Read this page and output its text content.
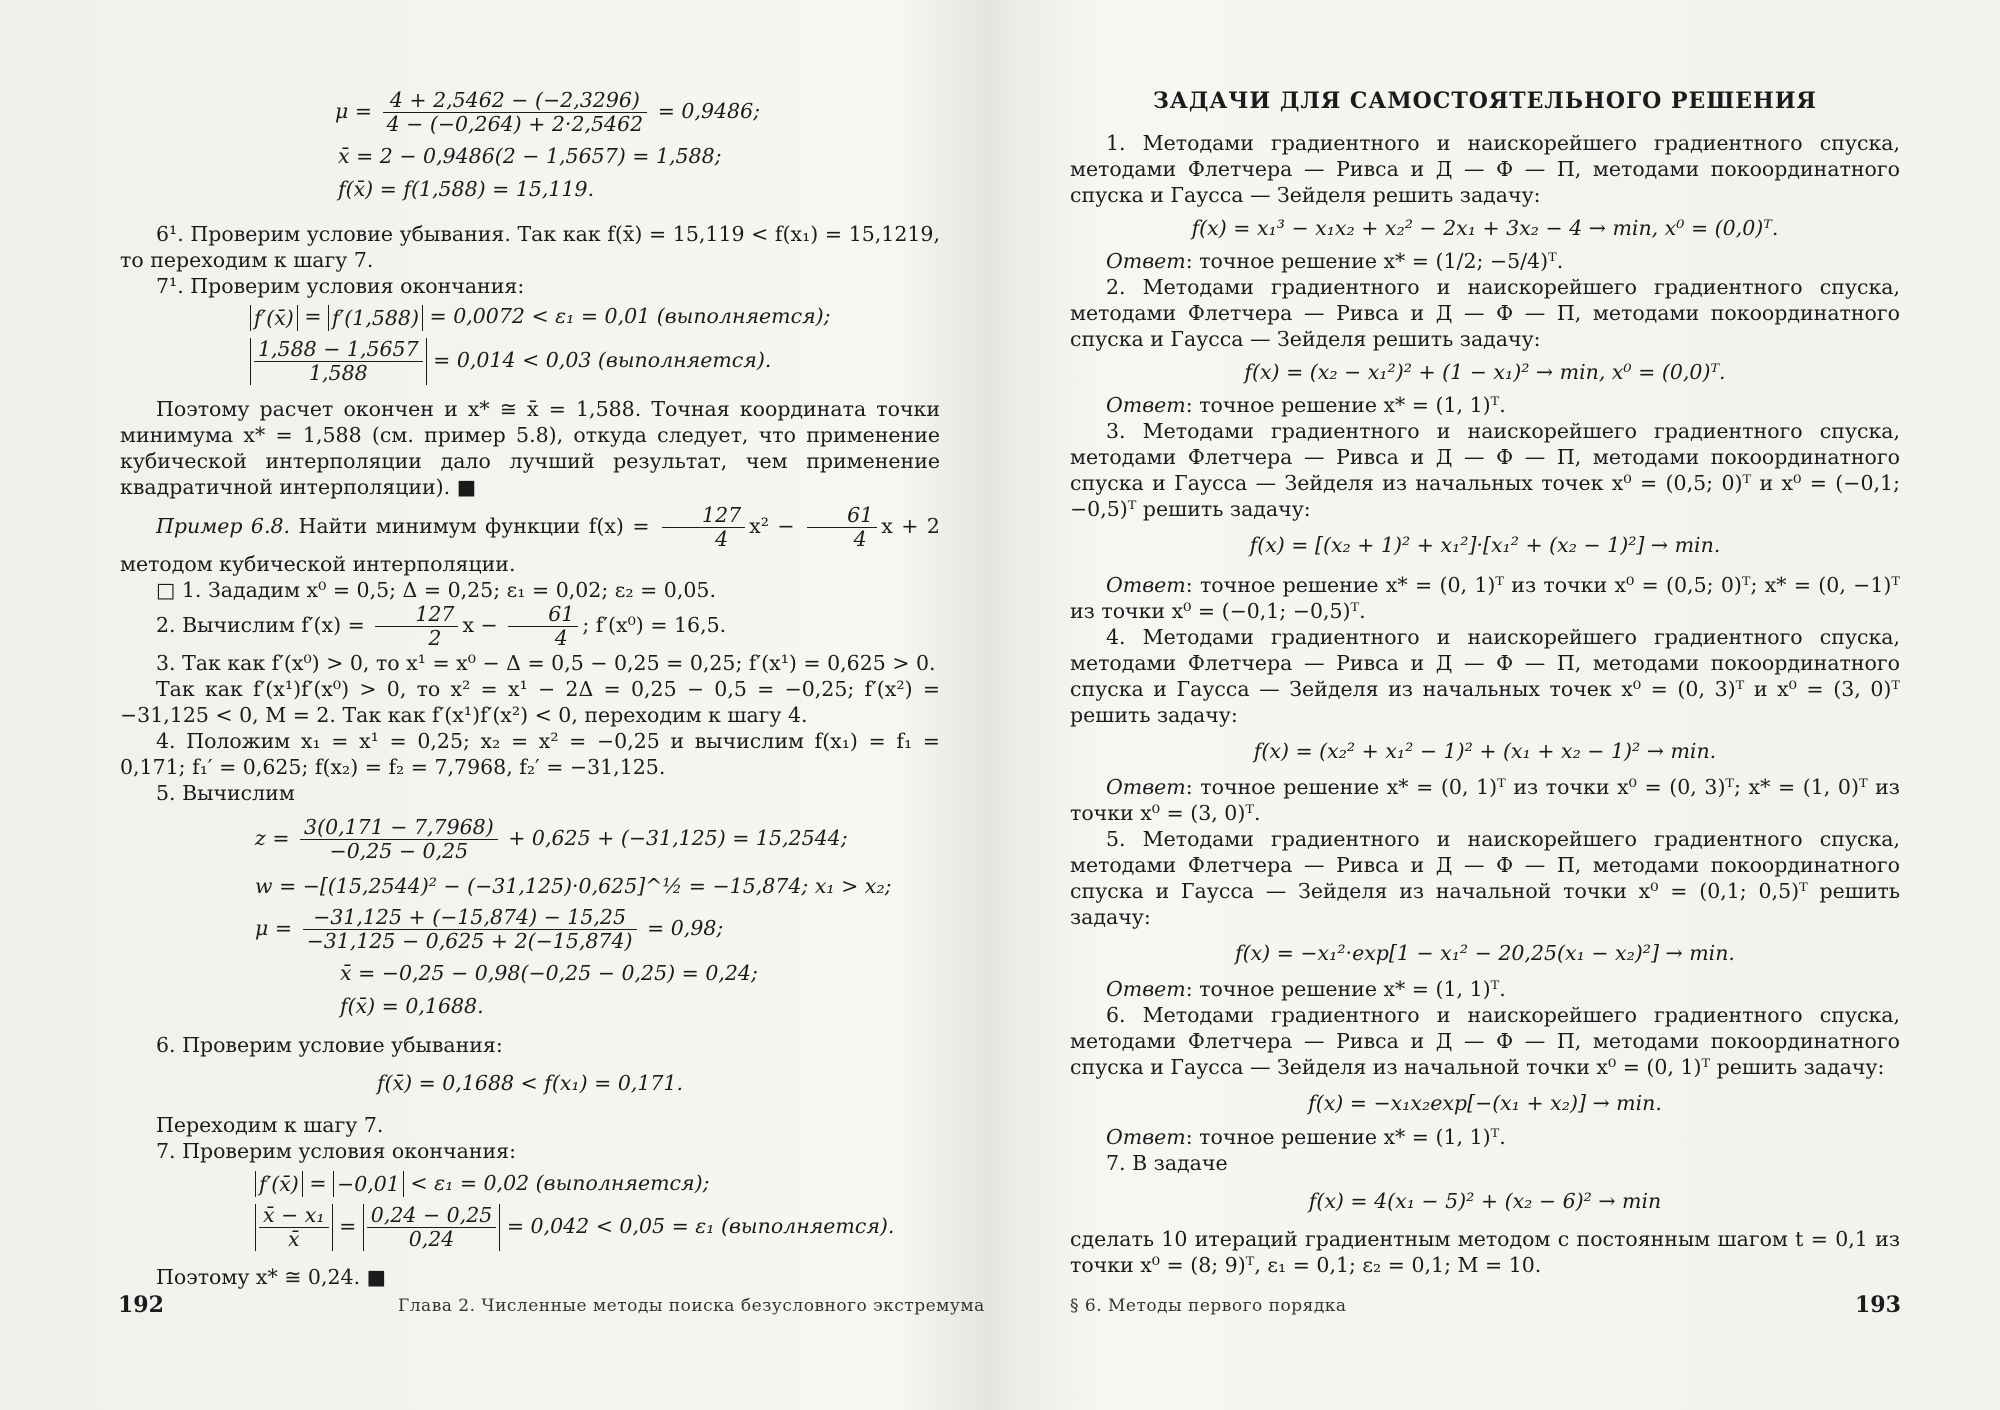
$\mu = \frac{4 + 2,5462 - (-2,3296)}{4 - (-0,264) + 2\cdot 2,5462} = 0,9486$;
x̄ = 2 − 0,9486(2 − 1,5657) = 1,588;
f(x̄) = f(1,588) = 15,119.

6¹. Проверим условие убывания. Так как f(x̄) = 15,119 < f(x₁) = 15,1219, то переходим к шагу 7.

7¹. Проверим условия окончания:

f′(x̄) = f′(1,588) = 0,0072 < ε₁ = 0,01 (выполняется);
$\frac{1,588 - 1,5657}{1,588} = 0,014 < 0,03$ (выполняется).

Поэтому расчет окончен и x* ≅ x̄ = 1,588. Точная координата точки минимума x* = 1,588 (см. пример 5.8), откуда следует, что применение кубической интерполяции дало лучший результат, чем применение квадратичной интерполяции). ■

Пример 6.8. Найти минимум функции $f(x) = \frac{127}{4} x^2 - \frac{61}{4}$ x + 2 методом кубической интерполяции.

□ 1. Зададим x⁰ = 0,5; Δ = 0,25; ε₁ = 0,02; ε₂ = 0,05.

2. Вычислим $f'(x) = \frac{127}{2}$ $x - \frac{61}{4}$ ; f′(x⁰) = 16,5.

3. Так как f′(x⁰) > 0, то x¹ = x⁰ − Δ = 0,5 − 0,25 = 0,25; f′(x¹) = 0,625 > 0.

Так как f′(x¹)f′(x⁰) > 0, то x² = x¹ − 2Δ = 0,25 − 0,5 = −0,25; f′(x²) = −31,125 < 0, M = 2. Так как f′(x¹)f′(x²) < 0, переходим к шагу 4.

4. Положим x₁ = x¹ = 0,25; x₂ = x² = −0,25 и вычислим f(x₁) = f₁ = 0,171; f₁′ = 0,625; f(x₂) = f₂ = 7,7968, f₂′ = −31,125.

5. Вычислим

$z = \frac{3(0,171 - 7,7968)}{-0,25 - 0,25} + 0,625 + (-31,125) = 15,2544$;
w = −[(15,2544)² − (−31,125)·0,625]^½ = −15,874; x₁ > x₂;
$\mu = \frac{-31,125 + (-15,874) - 15,25}{-31,125 - 0,625 + 2(-15,874)} = 0,98$;
x̄ = −0,25 − 0,98(−0,25 − 0,25) = 0,24;
f(x̄) = 0,1688.

6. Проверим условие убывания:

f(x̄) = 0,1688 < f(x₁) = 0,171.

Переходим к шагу 7.

7. Проверим условия окончания:

f′(x̄) = −0,01 < ε₁ = 0,02 (выполняется);
$\frac{\text{x̄ − x₁}}{x̄} = \frac{0,24 - 0,25}{0,24} = 0,042 < 0,05 = \varepsilon_1$ (выполняется).

Поэтому x* ≅ 0,24. ■

192	Глава 2. Численные методы поиска безусловного экстремума
ЗАДАЧИ ДЛЯ САМОСТОЯТЕЛЬНОГО РЕШЕНИЯ

1. Методами градиентного и наискорейшего градиентного спуска, методами Флетчера — Ривса и Д — Ф — П, методами покоординатного спуска и Гаусса — Зейделя решить задачу:

f(x) = x₁³ − x₁x₂ + x₂² − 2x₁ + 3x₂ − 4 → min, x⁰ = (0,0)ᵀ.

Ответ: точное решение x* = (1/2; −5/4)ᵀ.

2. Методами градиентного и наискорейшего градиентного спуска, методами Флетчера — Ривса и Д — Ф — П, методами покоординатного спуска и Гаусса — Зейделя решить задачу:

f(x) = (x₂ − x₁²)² + (1 − x₁)² → min, x⁰ = (0,0)ᵀ.

Ответ: точное решение x* = (1, 1)ᵀ.

3. Методами градиентного и наискорейшего градиентного спуска, методами Флетчера — Ривса и Д — Ф — П, методами покоординатного спуска и Гаусса — Зейделя из начальных точек x⁰ = (0,5; 0)ᵀ и x⁰ = (−0,1; −0,5)ᵀ решить задачу:

f(x) = [(x₂ + 1)² + x₁²]·[x₁² + (x₂ − 1)²] → min.

Ответ: точное решение x* = (0, 1)ᵀ из точки x⁰ = (0,5; 0)ᵀ; x* = (0, −1)ᵀ из точки x⁰ = (−0,1; −0,5)ᵀ.

4. Методами градиентного и наискорейшего градиентного спуска, методами Флетчера — Ривса и Д — Ф — П, методами покоординатного спуска и Гаусса — Зейделя из начальных точек x⁰ = (0, 3)ᵀ и x⁰ = (3, 0)ᵀ решить задачу:

f(x) = (x₂² + x₁² − 1)² + (x₁ + x₂ − 1)² → min.

Ответ: точное решение x* = (0, 1)ᵀ из точки x⁰ = (0, 3)ᵀ; x* = (1, 0)ᵀ из точки x⁰ = (3, 0)ᵀ.

5. Методами градиентного и наискорейшего градиентного спуска, методами Флетчера — Ривса и Д — Ф — П, методами покоординатного спуска и Гаусса — Зейделя из начальной точки x⁰ = (0,1; 0,5)ᵀ решить задачу:

f(x) = −x₁²·exp[1 − x₁² − 20,25(x₁ − x₂)²] → min.

Ответ: точное решение x* = (1, 1)ᵀ.

6. Методами градиентного и наискорейшего градиентного спуска, методами Флетчера — Ривса и Д — Ф — П, методами покоординатного спуска и Гаусса — Зейделя из начальной точки x⁰ = (0, 1)ᵀ решить задачу:

f(x) = −x₁x₂exp[−(x₁ + x₂)] → min.

Ответ: точное решение x* = (1, 1)ᵀ.

7. В задаче

f(x) = 4(x₁ − 5)² + (x₂ − 6)² → min

сделать 10 итераций градиентным методом с постоянным шагом t = 0,1 из точки x⁰ = (8; 9)ᵀ, ε₁ = 0,1; ε₂ = 0,1; M = 10.

§ 6. Методы первого порядка	193
